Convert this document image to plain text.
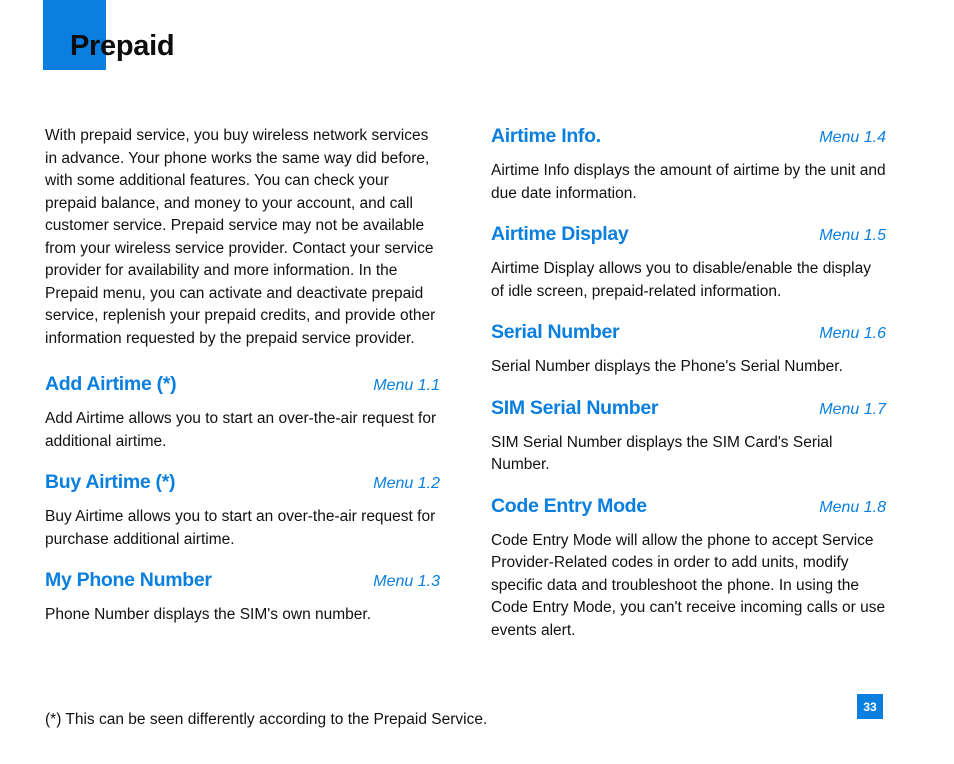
Prepaid

With prepaid service, you buy wireless network services in advance. Your phone works the same way did before, with some additional features. You can check your prepaid balance, and money to your account, and call customer service. Prepaid service may not be available from your wireless service provider. Contact your service provider for availability and more information. In the Prepaid menu, you can activate and deactivate prepaid service, replenish your prepaid credits, and provide other information requested by the prepaid service provider.

Add Airtime (*)	Menu 1.1

Add Airtime allows you to start an over-the-air request for additional airtime.

Buy Airtime (*)	Menu 1.2

Buy Airtime allows you to start an over-the-air request for purchase additional airtime.

My Phone Number	Menu 1.3

Phone Number displays the SIM's own number.

Airtime Info.	Menu 1.4

Airtime Info displays the amount of airtime by the unit and due date information.

Airtime Display	Menu 1.5

Airtime Display allows you to disable/enable the display of idle screen, prepaid-related information.

Serial Number	Menu 1.6

Serial Number displays the Phone's Serial Number.

SIM Serial Number	Menu 1.7

SIM Serial Number displays the SIM Card's Serial Number.

Code Entry Mode	Menu 1.8

Code Entry Mode will allow the phone to accept Service Provider-Related codes in order to add units, modify specific data and troubleshoot the phone. In using the Code Entry Mode, you can't receive incoming calls or use events alert.

(*) This can be seen differently according to the Prepaid Service.

33
